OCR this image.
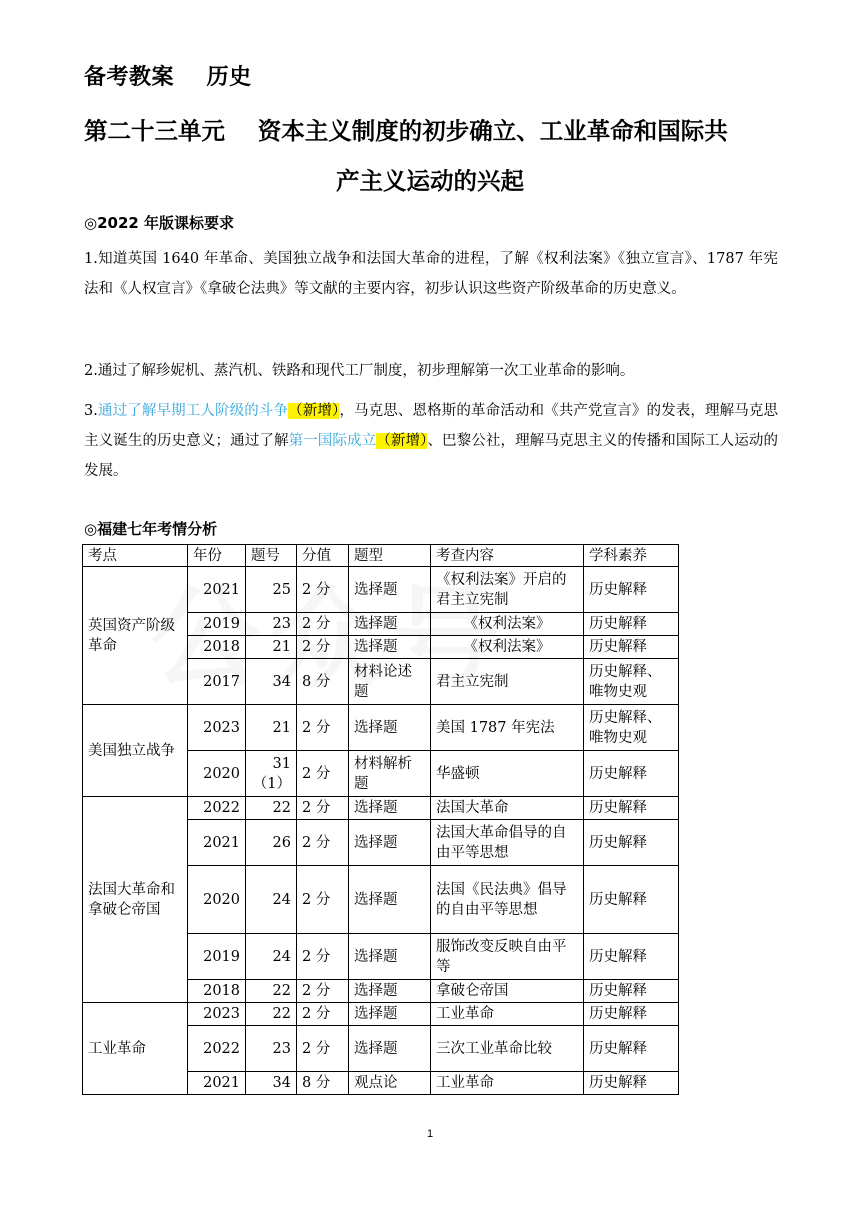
备考教案    历史
第二十三单元    资本主义制度的初步确立、工业革命和国际共
产主义运动的兴起
◎2022 年版课标要求
1.知道英国 1640 年革命、美国独立战争和法国大革命的进程，了解《权利法案》《独立宣言》、1787 年宪法和《人权宣言》《拿破仑法典》等文献的主要内容，初步认识这些资产阶级革命的历史意义。
2.通过了解珍妮机、蒸汽机、铁路和现代工厂制度，初步理解第一次工业革命的影响。
3.通过了解早期工人阶级的斗争（新增），马克思、恩格斯的革命活动和《共产党宣言》的发表，理解马克思主义诞生的历史意义；通过了解第一国际成立（新增）、巴黎公社，理解马克思主义的传播和国际工人运动的发展。
◎福建七年考情分析
考点	年份	题号	分值	题型	考查内容	学科素养
英国资产阶级革命	2021	25	2 分	选择题	《权利法案》开启的君主立宪制	历史解释
	2019	23	2 分	选择题	《权利法案》	历史解释
	2018	21	2 分	选择题	《权利法案》	历史解释
	2017	34	8 分	材料论述题	君主立宪制	历史解释、唯物史观
美国独立战争	2023	21	2 分	选择题	美国 1787 年宪法	历史解释、唯物史观
	2020	31（1）	2 分	材料解析题	华盛顿	历史解释
法国大革命和拿破仑帝国	2022	22	2 分	选择题	法国大革命	历史解释
	2021	26	2 分	选择题	法国大革命倡导的自由平等思想	历史解释
	2020	24	2 分	选择题	法国《民法典》倡导的自由平等思想	历史解释
	2019	24	2 分	选择题	服饰改变反映自由平等	历史解释
	2018	22	2 分	选择题	拿破仑帝国	历史解释
工业革命	2023	22	2 分	选择题	工业革命	历史解释
	2022	23	2 分	选择题	三次工业革命比较	历史解释
	2021	34	8 分	观点论	工业革命	历史解释
1
